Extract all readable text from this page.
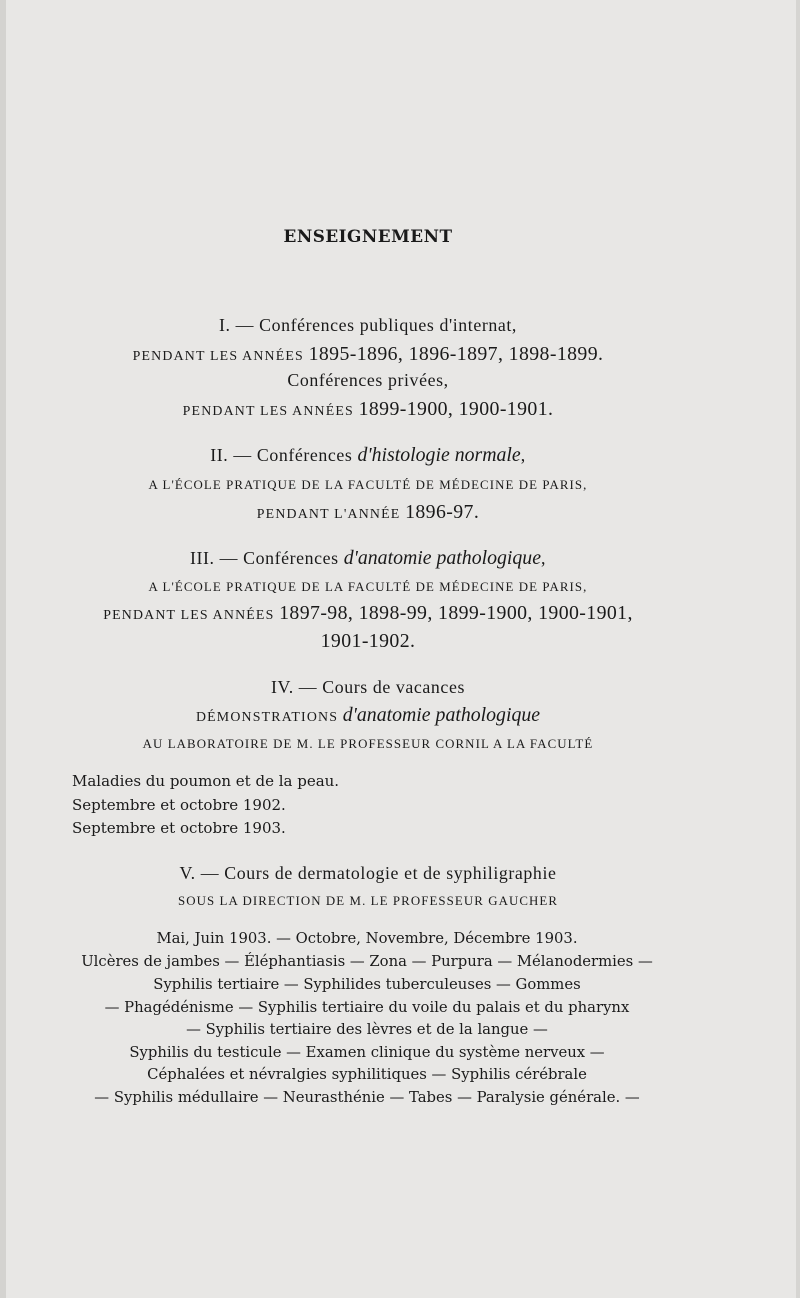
ENSEIGNEMENT
I. — Conférences publiques d'internat,
PENDANT LES ANNÉES 1895-1896, 1896-1897, 1898-1899.
Conférences privées,
PENDANT LES ANNÉES 1899-1900, 1900-1901.
II. — Conférences d'histologie normale,
A L'ÉCOLE PRATIQUE DE LA FACULTÉ DE MÉDECINE DE PARIS,
PENDANT L'ANNÉE 1896-97.
III. — Conférences d'anatomie pathologique,
A L'ÉCOLE PRATIQUE DE LA FACULTÉ DE MÉDECINE DE PARIS,
PENDANT LES ANNÉES 1897-98, 1898-99, 1899-1900, 1900-1901,
1901-1902.
IV. — Cours de vacances
DÉMONSTRATIONS d'anatomie pathologique
AU LABORATOIRE DE M. LE PROFESSEUR CORNIL A LA FACULTÉ
Maladies du poumon et de la peau.
Septembre et octobre 1902.
Septembre et octobre 1903.
V. — Cours de dermatologie et de syphiligraphie
SOUS LA DIRECTION DE M. LE PROFESSEUR GAUCHER
Mai, Juin 1903. — Octobre, Novembre, Décembre 1903.
Ulcères de jambes — Éléphantiasis — Zona — Purpura — Mélanodermies —
Syphilis tertiaire — Syphilides tuberculeuses — Gommes
— Phagédénisme — Syphilis tertiaire du voile du palais et du pharynx
— Syphilis tertiaire des lèvres et de la langue —
Syphilis du testicule — Examen clinique du système nerveux —
Céphalées et névralgies syphilitiques — Syphilis cérébrale
— Syphilis médullaire — Neurasthénie — Tabes — Paralysie générale. —
